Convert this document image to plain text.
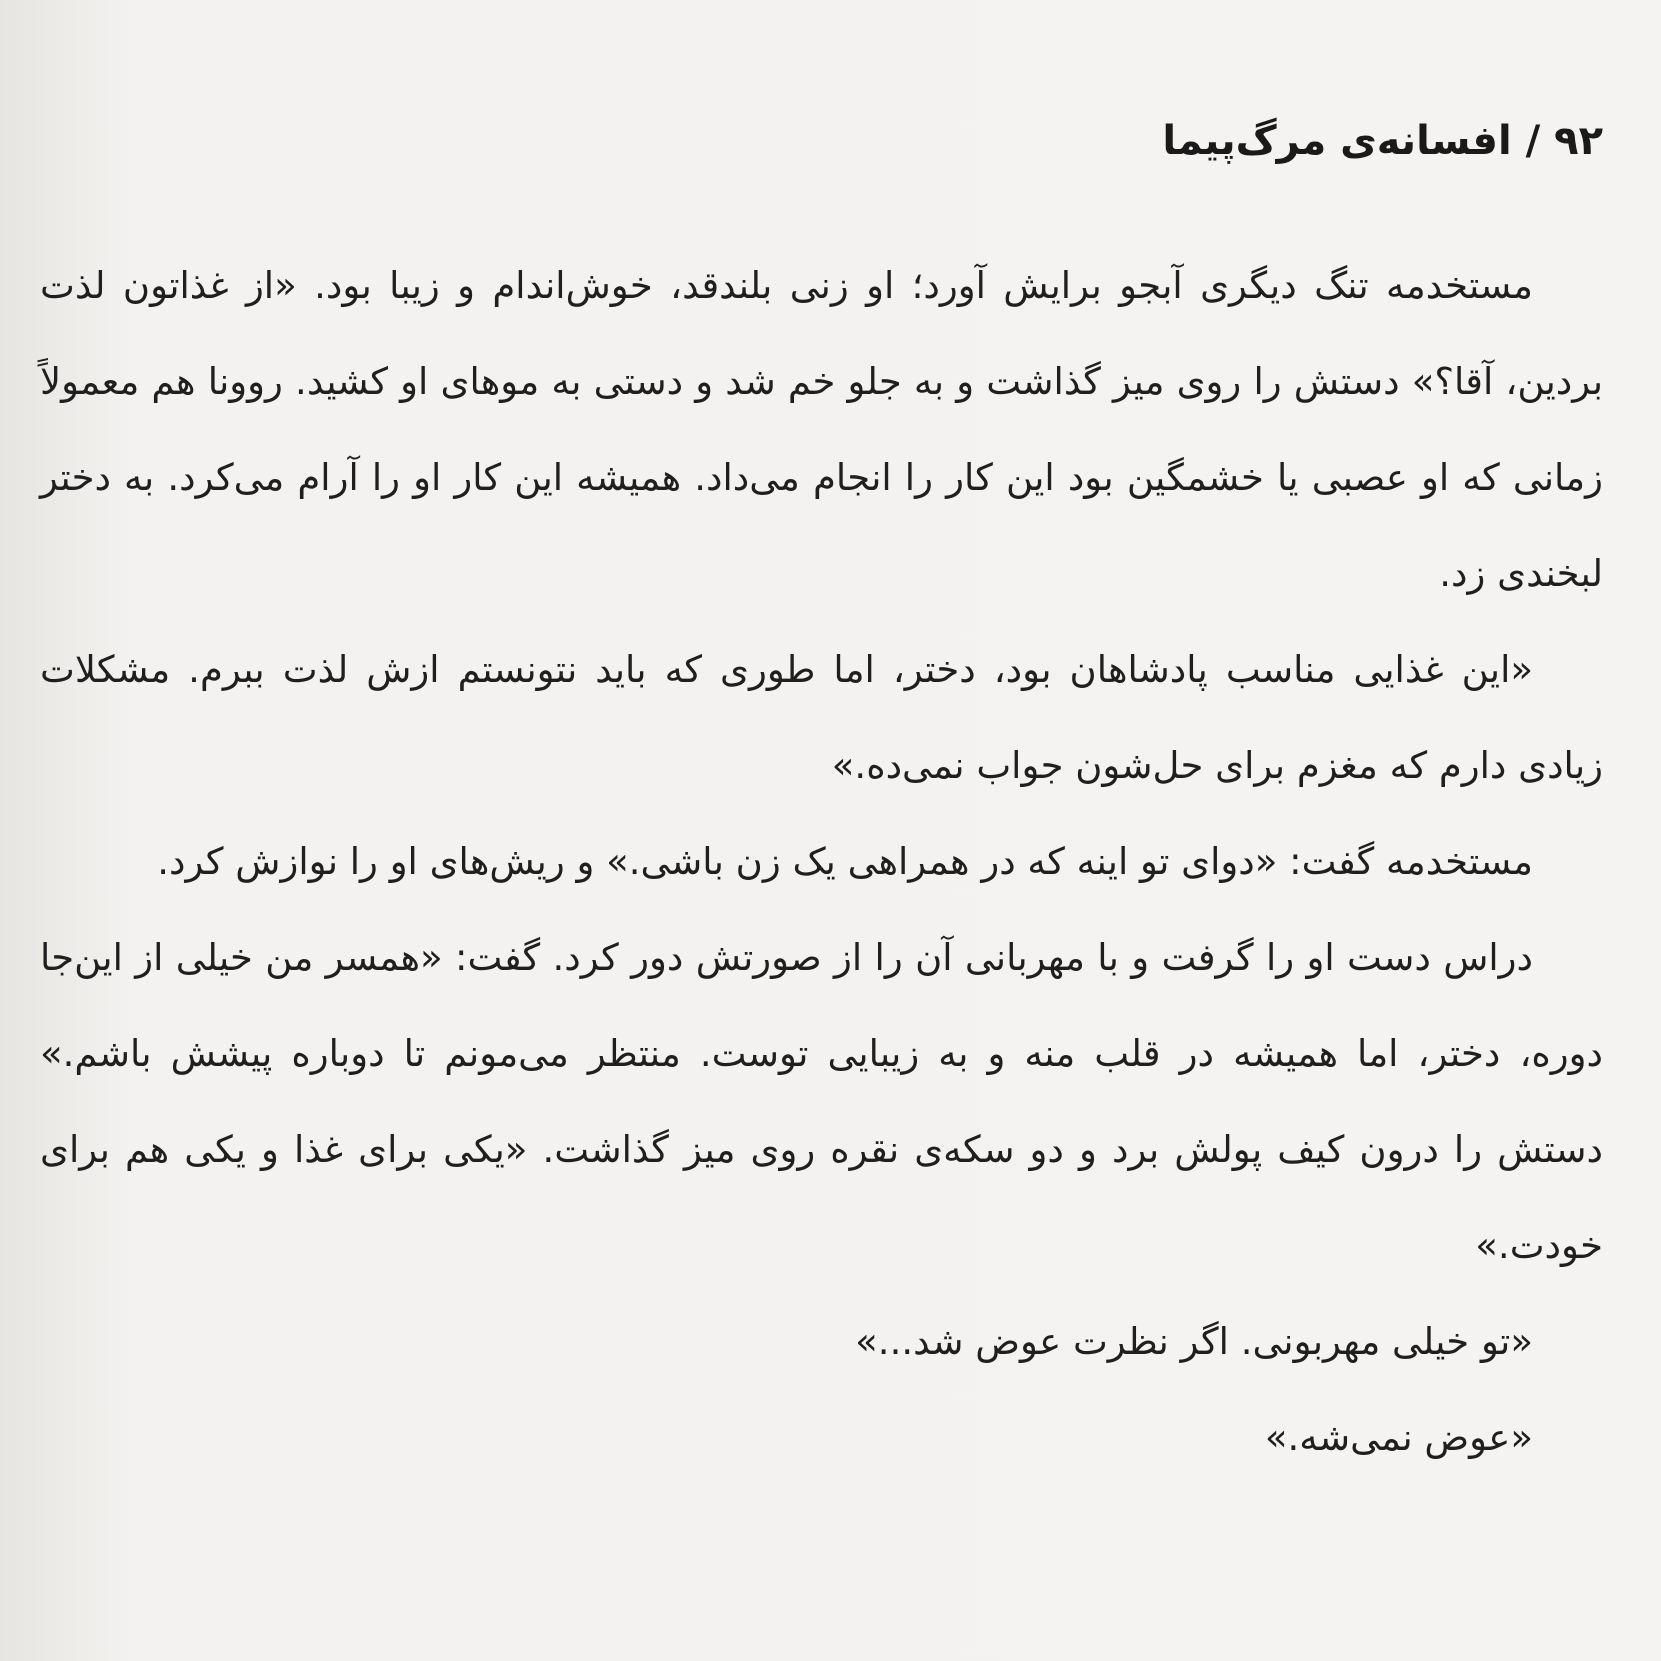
۹۲ / افسانه‌ی مرگ‌پیما

مستخدمه تنگ دیگری آبجو برایش آورد؛ او زنی بلندقد، خوش‌اندام و زیبا بود. «از غذاتون لذت بردین، آقا؟» دستش را روی میز گذاشت و به جلو خم شد و دستی به موهای او کشید. روونا هم معمولاً زمانی که او عصبی یا خشمگین بود این کار را انجام می‌داد. همیشه این کار او را آرام می‌کرد. به دختر لبخندی زد.

«این غذایی مناسب پادشاهان بود، دختر، اما طوری که باید نتونستم ازش لذت ببرم. مشکلات زیادی دارم که مغزم برای حل‌شون جواب نمی‌ده.»

مستخدمه گفت: «دوای تو اینه که در همراهی یک زن باشی.» و ریش‌های او را نوازش کرد.

دراس دست او را گرفت و با مهربانی آن را از صورتش دور کرد. گفت: «همسر من خیلی از این‌جا دوره، دختر، اما همیشه در قلب منه و به زیبایی توست. منتظر می‌مونم تا دوباره پیشش باشم.» دستش را درون کیف پولش برد و دو سکه‌ی نقره روی میز گذاشت. «یکی برای غذا و یکی هم برای خودت.»

«تو خیلی مهربونی. اگر نظرت عوض شد...»

«عوض نمی‌شه.»
